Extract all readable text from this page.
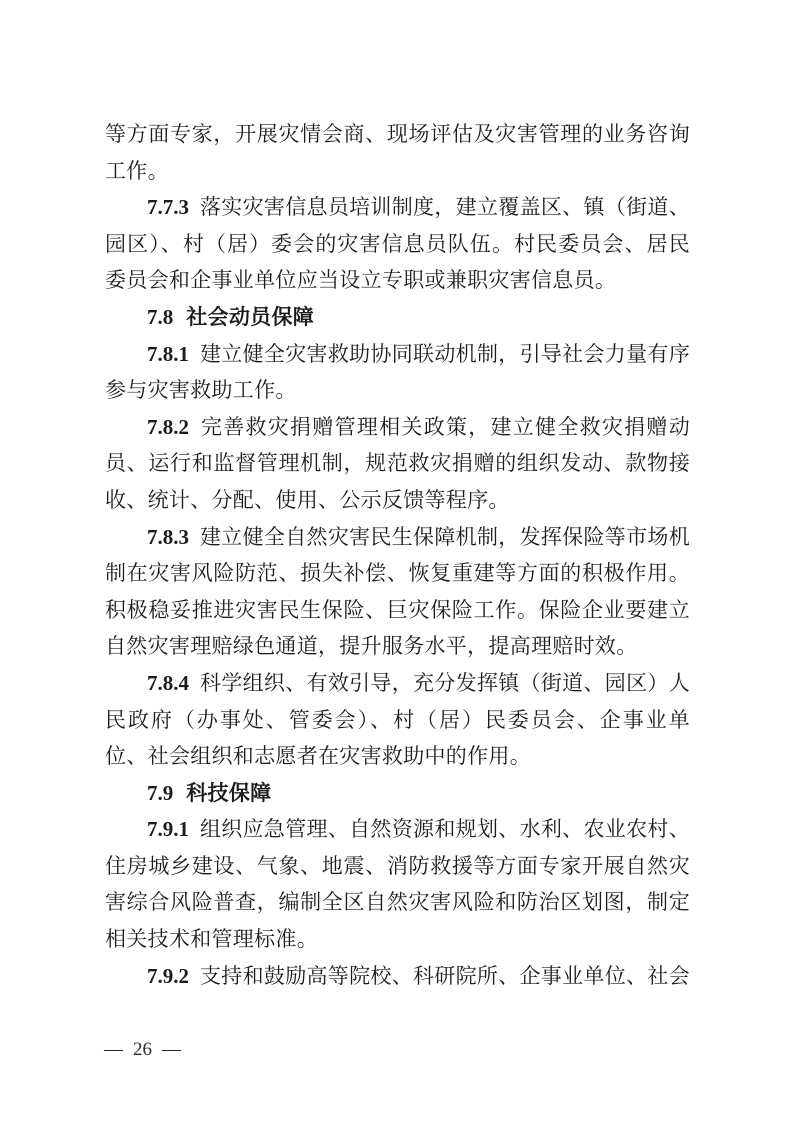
等方面专家，开展灾情会商、现场评估及灾害管理的业务咨询工作。

7.7.3 落实灾害信息员培训制度，建立覆盖区、镇（街道、园区）、村（居）委会的灾害信息员队伍。村民委员会、居民委员会和企事业单位应当设立专职或兼职灾害信息员。

7.8 社会动员保障

7.8.1 建立健全灾害救助协同联动机制，引导社会力量有序参与灾害救助工作。

7.8.2 完善救灾捐赠管理相关政策，建立健全救灾捐赠动员、运行和监督管理机制，规范救灾捐赠的组织发动、款物接收、统计、分配、使用、公示反馈等程序。

7.8.3 建立健全自然灾害民生保障机制，发挥保险等市场机制在灾害风险防范、损失补偿、恢复重建等方面的积极作用。积极稳妥推进灾害民生保险、巨灾保险工作。保险企业要建立自然灾害理赔绿色通道，提升服务水平，提高理赔时效。

7.8.4 科学组织、有效引导，充分发挥镇（街道、园区）人民政府（办事处、管委会）、村（居）民委员会、企事业单位、社会组织和志愿者在灾害救助中的作用。

7.9 科技保障

7.9.1 组织应急管理、自然资源和规划、水利、农业农村、住房城乡建设、气象、地震、消防救援等方面专家开展自然灾害综合风险普查，编制全区自然灾害风险和防治区划图，制定相关技术和管理标准。

7.9.2 支持和鼓励高等院校、科研院所、企事业单位、社会

— 26 —
